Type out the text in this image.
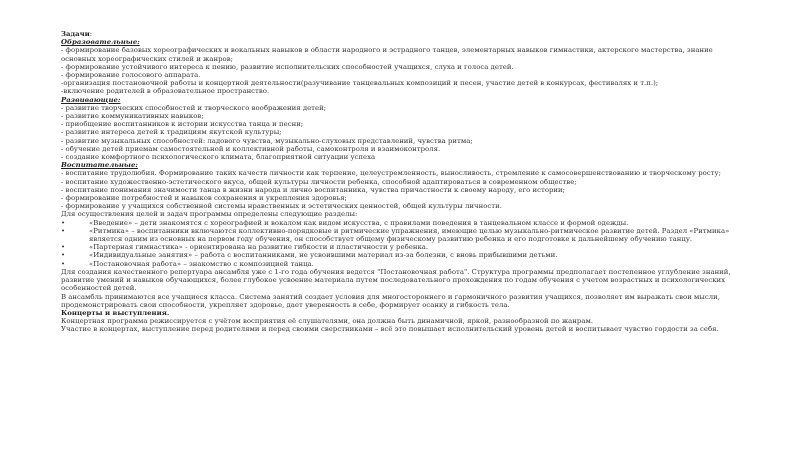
Задачи:

Образовательные:

- формирование базовых хореографических и вокальных навыков в области народного и эстрадного танцев, элементарных навыков гимнастики, актерского мастерства, знание основных хореографических стилей и жанров;

- формирование устойчивого интереса к пению, развитие исполнительских способностей учащихся, слуха и голоса детей.

- формирование голосового аппарата.

-организация постановочной работы и концертной деятельности(разучивание танцевальных композиций и песен, участие детей в конкурсах, фестивалях и т.п.);

-включение родителей в образовательное пространство.

Развивающие:

- развитие творческих способностей и творческого воображения детей;

- развитие коммуникативных навыков;

- приобщение воспитанников к истории искусства танца и песни;

- развитие интереса детей к традициям якутской культуры;

- развитие музыкальных способностей: ладового чувства, музыкально-слуховых представлений, чувства ритма;

- обучение детей приемам самостоятельной и коллективной работы, самоконтроля и взаимоконтроля.

- создание комфортного психологического климата, благоприятной ситуации успеха

Воспитательные:

- воспитание трудолюбия. Формирование таких качеств личности как терпение, целеустремленность, выносливость, стремление к самосовершенствованию и творческому росту;

- воспитание художественно-эстетического вкуса, общей культуры личности ребенка, способной адаптироваться в современном обществе;

- воспитание понимания значимости танца в жизни народа и лично воспитанника, чувства причастности к своему народу, его истории;

- формирование потребностей и навыков сохранения и укрепления здоровья;

- формирование у учащихся собственной системы нравственных и эстетических ценностей, общей культуры личности.

Для осуществления целей и задач программы определены следующие разделы:

•	«Введение» – дети знакомятся с хореографией и вокалом как видом искусства, с правилами поведения в танцевальном классе и формой одежды.
•	«Ритмика» – воспитанники включаются коллективно-порядковые и ритмические упражнения, имеющие целью музыкально-ритмическое развитие детей. Раздел «Ритмика» является одним из основных на первом году обучения, он способствует общему физическому развитию ребенка и его подготовке к дальнейшему обучению танцу.
•	«Партерная гимнастика» - ориентирована на развитие гибкости и пластичности у ребенка.
•	«Индивидуальные занятия» – работа с воспитанниками, не усвоившими материал из-за болезни, с вновь прибывшими детьми.
•	«Постановочная работа» – знакомство с композицией танца.

Для создания качественного репертуара ансамбля уже с 1-го года обучения ведется "Постановочная работа". Структура программы предполагает постепенное углубление знаний, развитие умений и навыков обучающихся, более глубокое усвоение материала путем последовательного прохождения по годам обучения с учетом возрастных и психологических особенностей детей.

В ансамбль принимаются все учащиеся класса. Система занятий создает условия для многостороннего и гармоничного развития учащихся, позволяет им выражать свои мысли, продемонстрировать свои способности, укрепляет здоровье, дает уверенность в себе, формирует осанку и гибкость тела.

Концерты и выступления.

Концертная программа режиссируется с учётом восприятия её слушателями, она должна быть динамичной, яркой, разнообразной по жанрам.

Участие в концертах, выступление перед родителями и перед своими сверстниками – всё это повышает исполнительский уровень детей и воспитывает чувство гордости за себя.
